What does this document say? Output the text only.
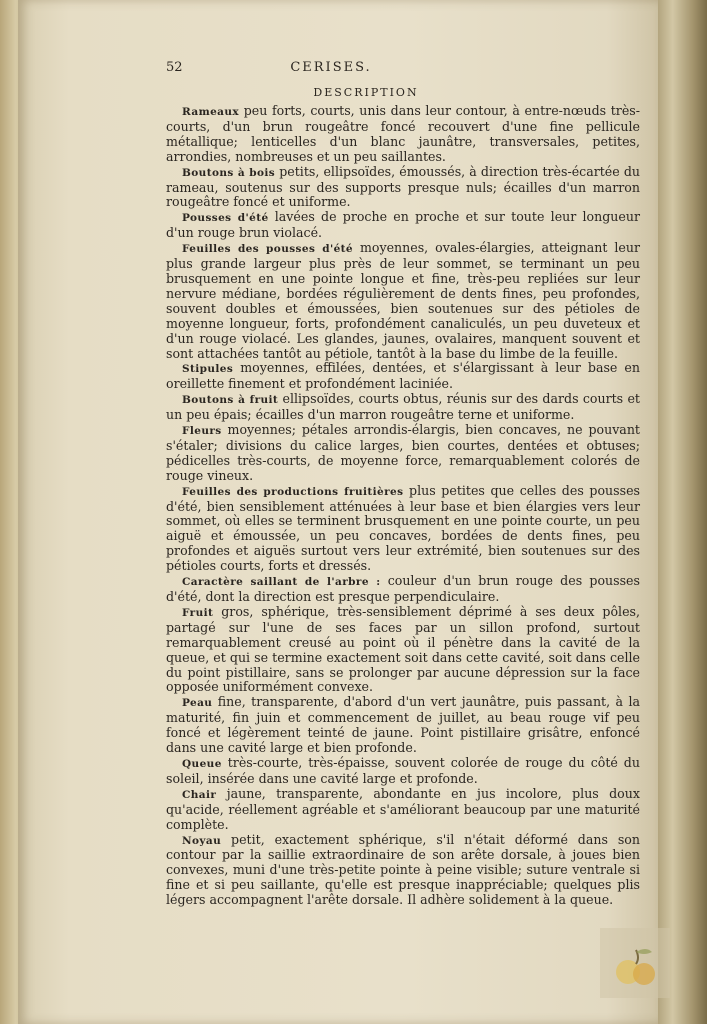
52	CERISES.
DESCRIPTION

Rameaux peu forts, courts, unis dans leur contour, à entre-nœuds très-courts, d'un brun rougeâtre foncé recouvert d'une fine pellicule métallique; lenticelles d'un blanc jaunâtre, transversales, petites, arrondies, nombreuses et un peu saillantes.

Boutons à bois petits, ellipsoïdes, émoussés, à direction très-écartée du rameau, soutenus sur des supports presque nuls; écailles d'un marron rougeâtre foncé et uniforme.

Pousses d'été lavées de proche en proche et sur toute leur longueur d'un rouge brun violacé.

Feuilles des pousses d'été moyennes, ovales-élargies, atteignant leur plus grande largeur plus près de leur sommet, se terminant un peu brusquement en une pointe longue et fine, très-peu repliées sur leur nervure médiane, bordées régulièrement de dents fines, peu profondes, souvent doubles et émoussées, bien soutenues sur des pétioles de moyenne longueur, forts, profondément canaliculés, un peu duveteux et d'un rouge violacé. Les glandes, jaunes, ovalaires, manquent souvent et sont attachées tantôt au pétiole, tantôt à la base du limbe de la feuille.

Stipules moyennes, effilées, dentées, et s'élargissant à leur base en oreillette finement et profondément laciniée.

Boutons à fruit ellipsoïdes, courts obtus, réunis sur des dards courts et un peu épais; écailles d'un marron rougeâtre terne et uniforme.

Fleurs moyennes; pétales arrondis-élargis, bien concaves, ne pouvant s'étaler; divisions du calice larges, bien courtes, dentées et obtuses; pédicelles très-courts, de moyenne force, remarquablement colorés de rouge vineux.

Feuilles des productions fruitières plus petites que celles des pousses d'été, bien sensiblement atténuées à leur base et bien élargies vers leur sommet, où elles se terminent brusquement en une pointe courte, un peu aiguë et émoussée, un peu concaves, bordées de dents fines, peu profondes et aiguës surtout vers leur extrémité, bien soutenues sur des pétioles courts, forts et dressés.

Caractère saillant de l'arbre : couleur d'un brun rouge des pousses d'été, dont la direction est presque perpendiculaire.

Fruit gros, sphérique, très-sensiblement déprimé à ses deux pôles, partagé sur l'une de ses faces par un sillon profond, surtout remarquablement creusé au point où il pénètre dans la cavité de la queue, et qui se termine exactement soit dans cette cavité, soit dans celle du point pistillaire, sans se prolonger par aucune dépression sur la face opposée uniformément convexe.

Peau fine, transparente, d'abord d'un vert jaunâtre, puis passant, à la maturité, fin juin et commencement de juillet, au beau rouge vif peu foncé et légèrement teinté de jaune. Point pistillaire grisâtre, enfoncé dans une cavité large et bien profonde.

Queue très-courte, très-épaisse, souvent colorée de rouge du côté du soleil, insérée dans une cavité large et profonde.

Chair jaune, transparente, abondante en jus incolore, plus doux qu'acide, réellement agréable et s'améliorant beaucoup par une maturité complète.

Noyau petit, exactement sphérique, s'il n'était déformé dans son contour par la saillie extraordinaire de son arête dorsale, à joues bien convexes, muni d'une très-petite pointe à peine visible; suture ventrale si fine et si peu saillante, qu'elle est presque inappréciable; quelques plis légers accompagnent l'arête dorsale. Il adhère solidement à la queue.
